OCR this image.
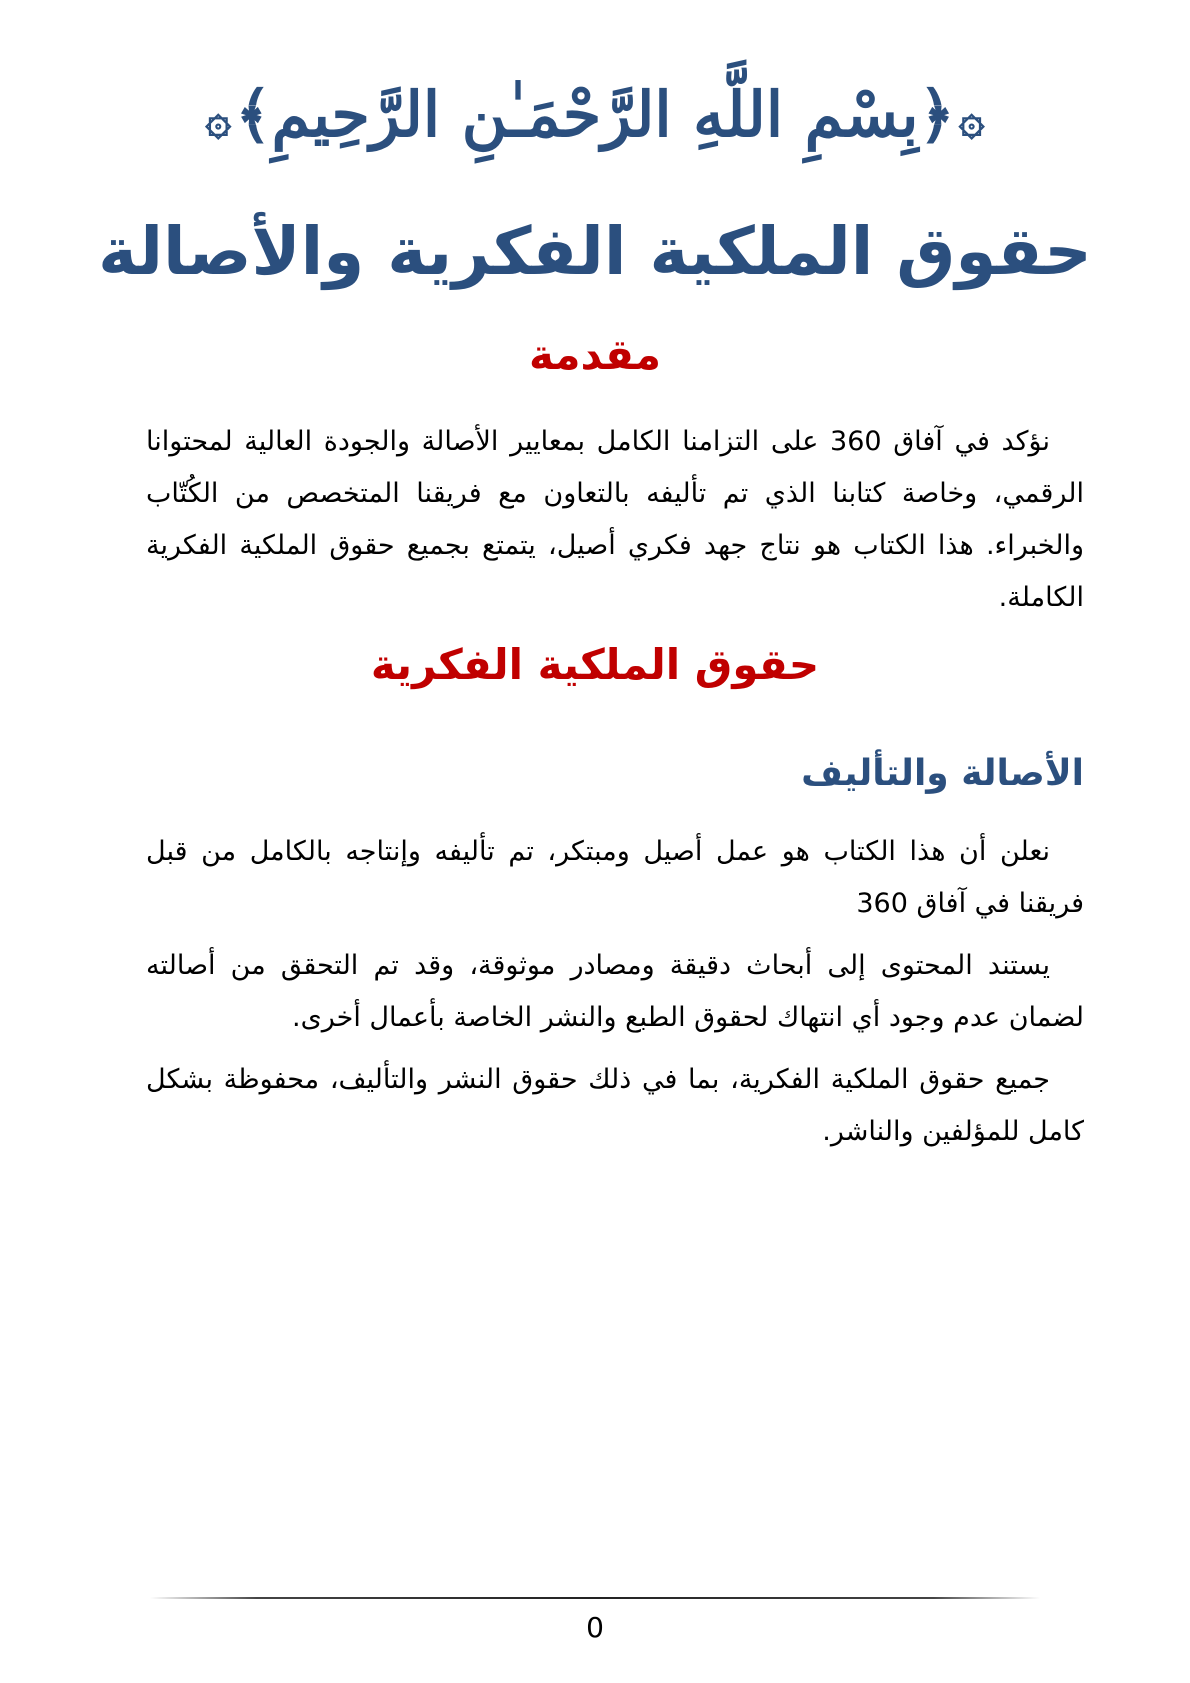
۞﴿بِسْمِ اللَّهِ الرَّحْمَـٰنِ الرَّحِيمِ﴾۞
حقوق الملكية الفكرية والأصالة
مقدمة

نؤكد في آفاق 360 على التزامنا الكامل بمعايير الأصالة والجودة العالية لمحتوانا الرقمي، وخاصة كتابنا الذي تم تأليفه بالتعاون مع فريقنا المتخصص من الكُتّاب والخبراء. هذا الكتاب هو نتاج جهد فكري أصيل، يتمتع بجميع حقوق الملكية الفكرية الكاملة.

حقوق الملكية الفكرية
الأصالة والتأليف

نعلن أن هذا الكتاب هو عمل أصيل ومبتكر، تم تأليفه وإنتاجه بالكامل من قبل فريقنا في آفاق 360

يستند المحتوى إلى أبحاث دقيقة ومصادر موثوقة، وقد تم التحقق من أصالته لضمان عدم وجود أي انتهاك لحقوق الطبع والنشر الخاصة بأعمال أخرى.

جميع حقوق الملكية الفكرية، بما في ذلك حقوق النشر والتأليف، محفوظة بشكل كامل للمؤلفين والناشر.

0
